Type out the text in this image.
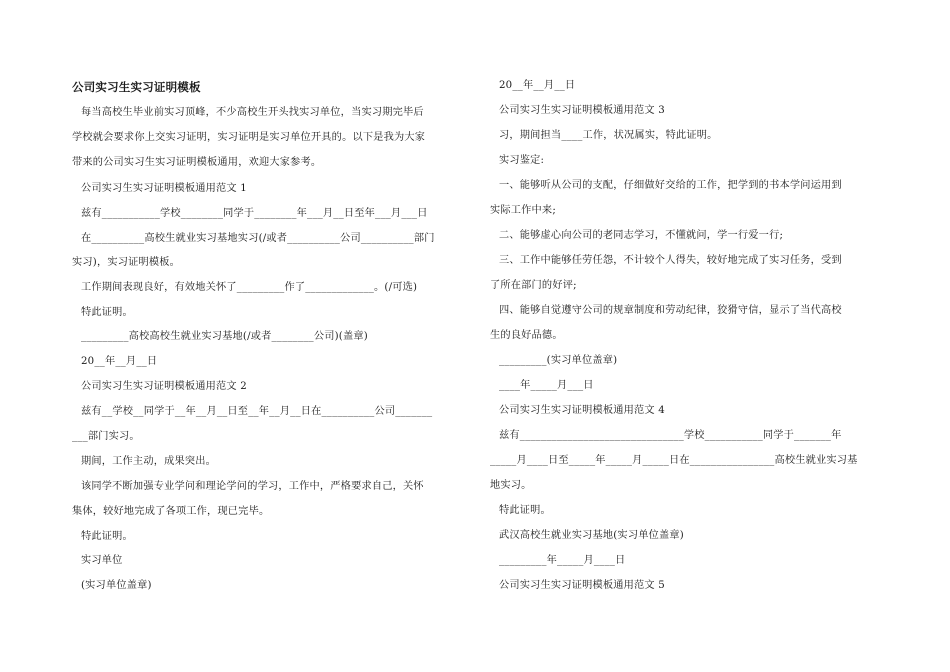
公司实习生实习证明模板
每当高校生毕业前实习顶峰，不少高校生开头找实习单位，当实习期完毕后
学校就会要求你上交实习证明，实习证明是实习单位开具的。以下是我为大家
带来的公司实习生实习证明模板通用，欢迎大家参考。
公司实习生实习证明模板通用范文 1
兹有___________学校________同学于________年___月__日至年___月___日
在__________高校生就业实习基地实习(/或者__________公司__________部门
实习)，实习证明模板。
工作期间表现良好，有效地关怀了_________作了_____________。(/可选)
特此证明。
_________高校高校生就业实习基地(/或者________公司)(盖章)
20__年__月__日
公司实习生实习证明模板通用范文 2
兹有__学校__同学于__年__月__日至__年__月__日在__________公司_______
___部门实习。
期间，工作主动，成果突出。
该同学不断加强专业学问和理论学问的学习，工作中，严格要求自己，关怀
集体，较好地完成了各项工作，现已完毕。
特此证明。
实习单位
(实习单位盖章)
20__年__月__日
公司实习生实习证明模板通用范文 3
习，期间担当____工作，状况属实，特此证明。
实习鉴定:
一、能够听从公司的支配，仔细做好交给的工作，把学到的书本学问运用到
实际工作中来;
二、能够虚心向公司的老同志学习，不懂就问，学一行爱一行;
三、工作中能够任劳任怨，不计较个人得失，较好地完成了实习任务，受到
了所在部门的好评;
四、能够自觉遵守公司的规章制度和劳动纪律，狡猾守信，显示了当代高校
生的良好品德。
_________(实习单位盖章)
____年_____月___日
公司实习生实习证明模板通用范文 4
兹有_______________________________学校___________同学于_______年
_____月____日至_____年_____月_____日在________________高校生就业实习基
地实习。
特此证明。
武汉高校生就业实习基地(实习单位盖章)
_________年_____月____日
公司实习生实习证明模板通用范文 5
